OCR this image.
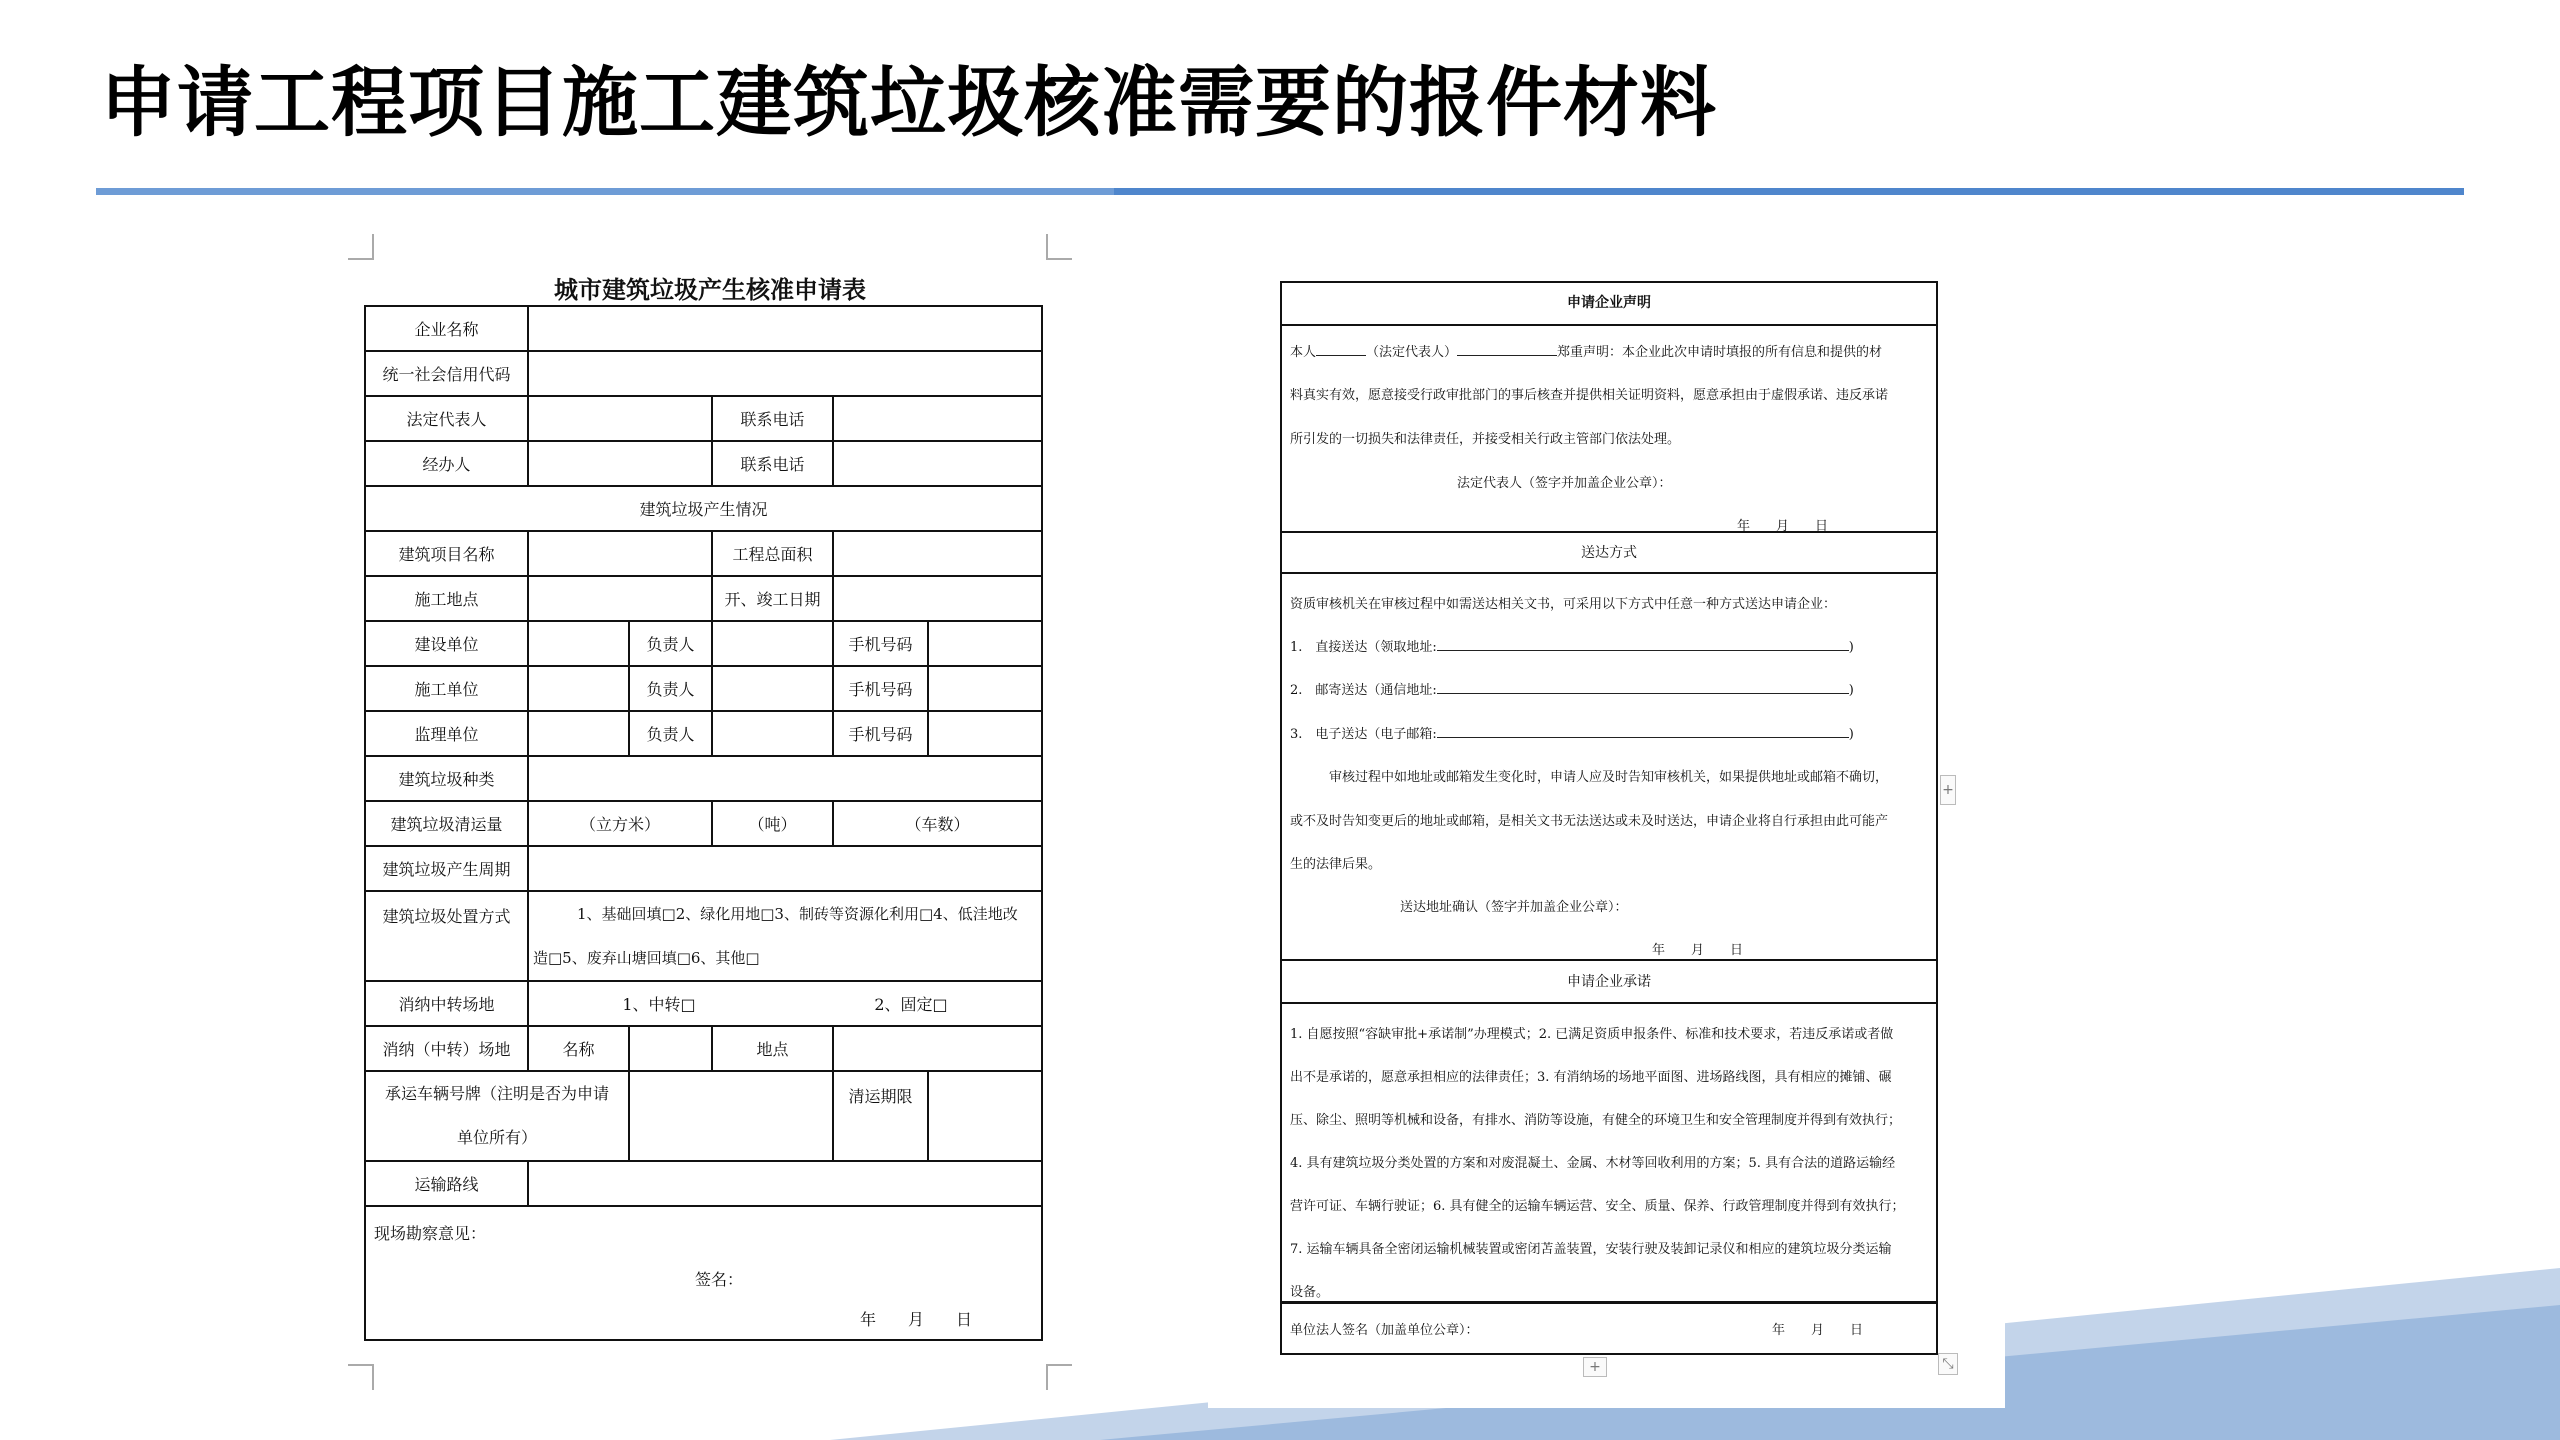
申请工程项目施工建筑垃圾核准需要的报件材料
城市建筑垃圾产生核准申请表
企业名称					
统一社会信用代码					
法定代表人			联系电话		
经办人			联系电话		
建筑垃圾产生情况					
建筑项目名称			工程总面积		
施工地点			开、竣工日期		
建设单位		负责人		手机号码	
施工单位		负责人		手机号码	
监理单位		负责人		手机号码	
建筑垃圾种类					
建筑垃圾清运量	（立方米）		（吨）	（车数）	
建筑垃圾产生周期					
建筑垃圾处置方式	1、基础回填□2、绿化用地□3、制砖等资源化利用□4、低洼地改
造□5、废弃山塘回填□6、其他□				

消纳中转场地	1、中转□ 2、固定□				

消纳（中转）场地	名称		地点		

承运车辆号牌（注明是否为申请
单位所有）				清运期限	
运输路线					

现场勘察意见：
签名：
年　　月　　日					
申请企业声明
本人	（法定代表人）	郑重声明：本企业此次申请时填报的所有信息和提供的材
料真实有效，愿意接受行政审批部门的事后核查并提供相关证明资料，愿意承担由于虚假承诺、违反承诺
所引发的一切损失和法律责任，并接受相关行政主管部门依法处理。
法定代表人（签字并加盖企业公章）：
年　　月　　日
送达方式
资质审核机关在审核过程中如需送达相关文书，可采用以下方式中任意一种方式送达申请企业：
1.　直接送达（领取地址:	)
2.　邮寄送达（通信地址:	)
3.　电子送达（电子邮箱:	)
　　　审核过程中如地址或邮箱发生变化时，申请人应及时告知审核机关，如果提供地址或邮箱不确切，
或不及时告知变更后的地址或邮箱，是相关文书无法送达或未及时送达，申请企业将自行承担由此可能产
生的法律后果。
送达地址确认（签字并加盖企业公章）：
年　　月　　日
申请企业承诺
1. 自愿按照“容缺审批+承诺制”办理模式；2. 已满足资质申报条件、标准和技术要求，若违反承诺或者做
出不是承诺的，愿意承担相应的法律责任；3. 有消纳场的场地平面图、进场路线图，具有相应的摊铺、碾
压、除尘、照明等机械和设备，有排水、消防等设施，有健全的环境卫生和安全管理制度并得到有效执行；
4. 具有建筑垃圾分类处置的方案和对废混凝土、金属、木材等回收利用的方案；5. 具有合法的道路运输经
营许可证、车辆行驶证；6. 具有健全的运输车辆运营、安全、质量、保养、行政管理制度并得到有效执行；
7. 运输车辆具备全密闭运输机械装置或密闭苫盖装置，安装行驶及装卸记录仪和相应的建筑垃圾分类运输
设备。
单位法人签名（加盖单位公章）：	年　　月　　日
+
+
⤡
